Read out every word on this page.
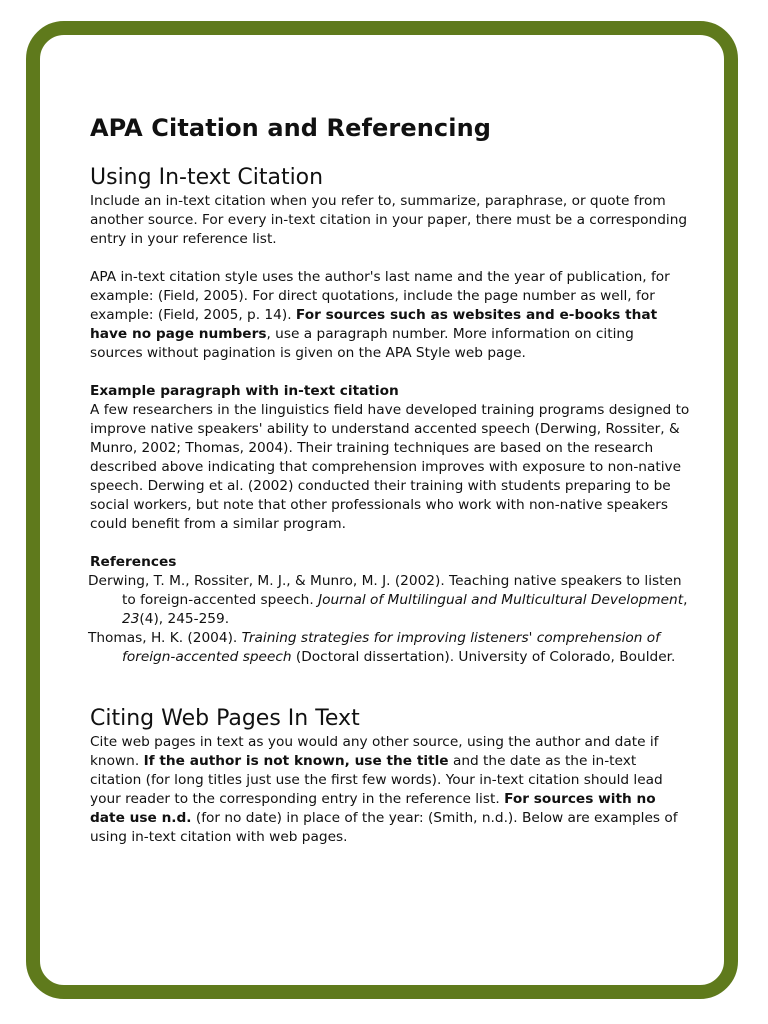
APA Citation and Referencing
Using In-text Citation

Include an in-text citation when you refer to, summarize, paraphrase, or quote from another source. For every in-text citation in your paper, there must be a corresponding entry in your reference list.

APA in-text citation style uses the author's last name and the year of publication, for example: (Field, 2005). For direct quotations, include the page number as well, for example: (Field, 2005, p. 14). For sources such as websites and e-books that have no page numbers, use a paragraph number. More information on citing sources without pagination is given on the APA Style web page.

Example paragraph with in-text citation

A few researchers in the linguistics field have developed training programs designed to improve native speakers' ability to understand accented speech (Derwing, Rossiter, & Munro, 2002; Thomas, 2004). Their training techniques are based on the research described above indicating that comprehension improves with exposure to non-native speech. Derwing et al. (2002) conducted their training with students preparing to be social workers, but note that other professionals who work with non-native speakers could benefit from a similar program.

References

Derwing, T. M., Rossiter, M. J., & Munro, M. J. (2002). Teaching native speakers to listen to foreign-accented speech. Journal of Multilingual and Multicultural Development, 23(4), 245-259.

Thomas, H. K. (2004). Training strategies for improving listeners' comprehension of foreign-accented speech (Doctoral dissertation). University of Colorado, Boulder.

Citing Web Pages In Text

Cite web pages in text as you would any other source, using the author and date if known. If the author is not known, use the title and the date as the in-text citation (for long titles just use the first few words). Your in-text citation should lead your reader to the corresponding entry in the reference list. For sources with no date use n.d. (for no date) in place of the year: (Smith, n.d.). Below are examples of using in-text citation with web pages.
